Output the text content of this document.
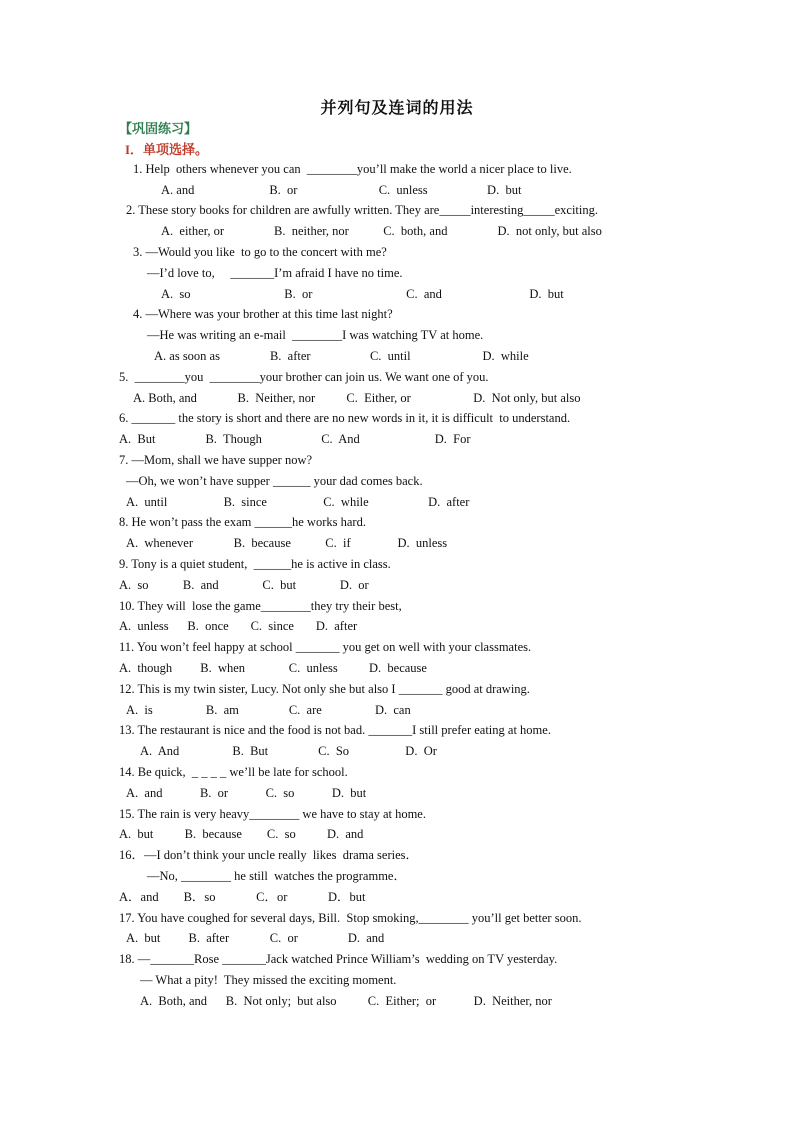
并列句及连词的用法
【巩固练习】
I．单项选择。
1. Help  others whenever you can  ________you’ll make the world a nicer place to live.
A. and                        B.  or                          C.  unless                   D.  but
2. These story books for children are awfully written. They are_____interesting_____exciting.
A.  either, or                B.  neither, nor           C.  both, and                D.  not only, but also
3. —Would you like  to go to the concert with me?
—I’d love to,     _______I’m afraid I have no time.
A.  so                              B.  or                              C.  and                            D.  but
4. —Where was your brother at this time last night?
—He was writing an e-mail  ________I was watching TV at home.
A. as soon as                B.  after                   C.  until                       D.  while
5.  ________you  ________your brother can join us. We want one of you.
A. Both, and             B.  Neither, nor          C.  Either, or                    D.  Not only, but also
6. _______ the story is short and there are no new words in it, it is difficult  to understand.
A.  But                B.  Though                   C.  And                        D.  For
7. —Mom, shall we have supper now?
—Oh, we won’t have supper ______ your dad comes back.
A.  until                  B.  since                  C.  while                   D.  after
8. He won’t pass the exam ______he works hard.
A.  whenever             B.  because           C.  if               D.  unless
9. Tony is a quiet student,  ______he is active in class.
A.  so           B.  and              C.  but              D.  or
10. They will  lose the game________they try their best,
A.  unless      B.  once       C.  since       D.  after
11. You won’t feel happy at school _______ you get on well with your classmates.
A.  though         B.  when              C.  unless          D.  because
12. This is my twin sister, Lucy. Not only she but also I _______ good at drawing.
A.  is                 B.  am                C.  are                 D.  can
13. The restaurant is nice and the food is not bad. _______I still prefer eating at home.
A.  And                 B.  But                C.  So                  D.  Or
14. Be quick,  _ _ _ _ we’ll be late for school.
A.  and            B.  or            C.  so            D.  but
15. The rain is very heavy________ we have to stay at home.
A.  but          B.  because        C.  so          D.  and
16．—I don’t think your uncle really  likes  drama series．
—No, ________ he still  watches the programme．
A．and        B．so             C．or             D．but
17. You have coughed for several days, Bill.  Stop smoking,________ you’ll get better soon.
A.  but         B.  after             C.  or                D.  and
18. —_______Rose _______Jack watched Prince William’s  wedding on TV yesterday.
— What a pity!  They missed the exciting moment.
A.  Both, and      B.  Not only;  but also          C.  Either;  or            D.  Neither, nor
